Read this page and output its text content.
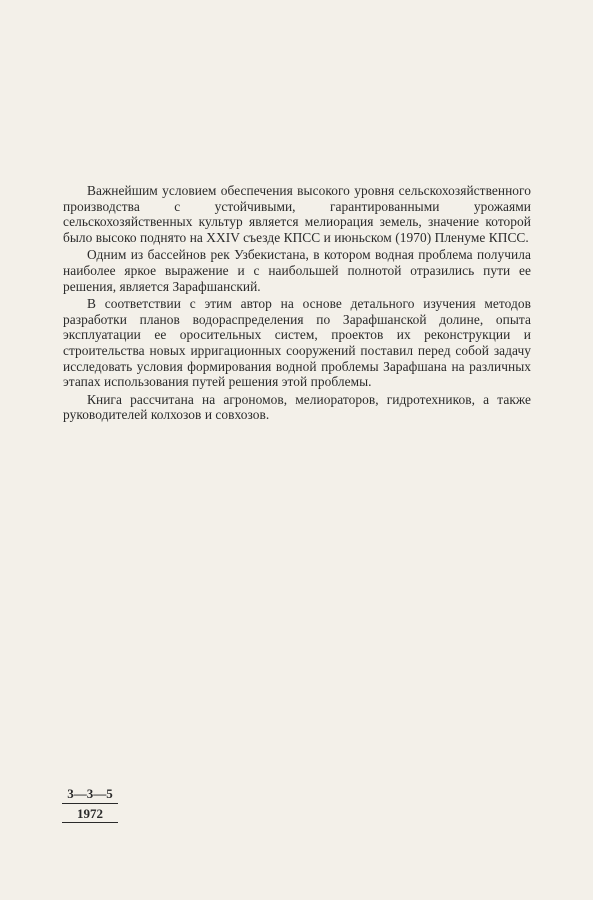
Важнейшим условием обеспечения высокого уровня сельскохозяйственного производства с устойчивыми, гарантированными урожаями сельскохозяйственных культур является мелиорация земель, значение которой было высоко поднято на XXIV съезде КПСС и июньском (1970) Пленуме КПСС.

Одним из бассейнов рек Узбекистана, в котором водная проблема получила наиболее яркое выражение и с наибольшей полнотой отразились пути ее решения, является Зарафшанский.

В соответствии с этим автор на основе детального изучения методов разработки планов водораспределения по Зарафшанской долине, опыта эксплуатации ее оросительных систем, проектов их реконструкции и строительства новых ирригационных сооружений поставил перед собой задачу исследовать условия формирования водной проблемы Зарафшана на различных этапах использования путей решения этой проблемы.

Книга рассчитана на агрономов, мелиораторов, гидротехников, а также руководителей колхозов и совхозов.

3—3—5
1972
